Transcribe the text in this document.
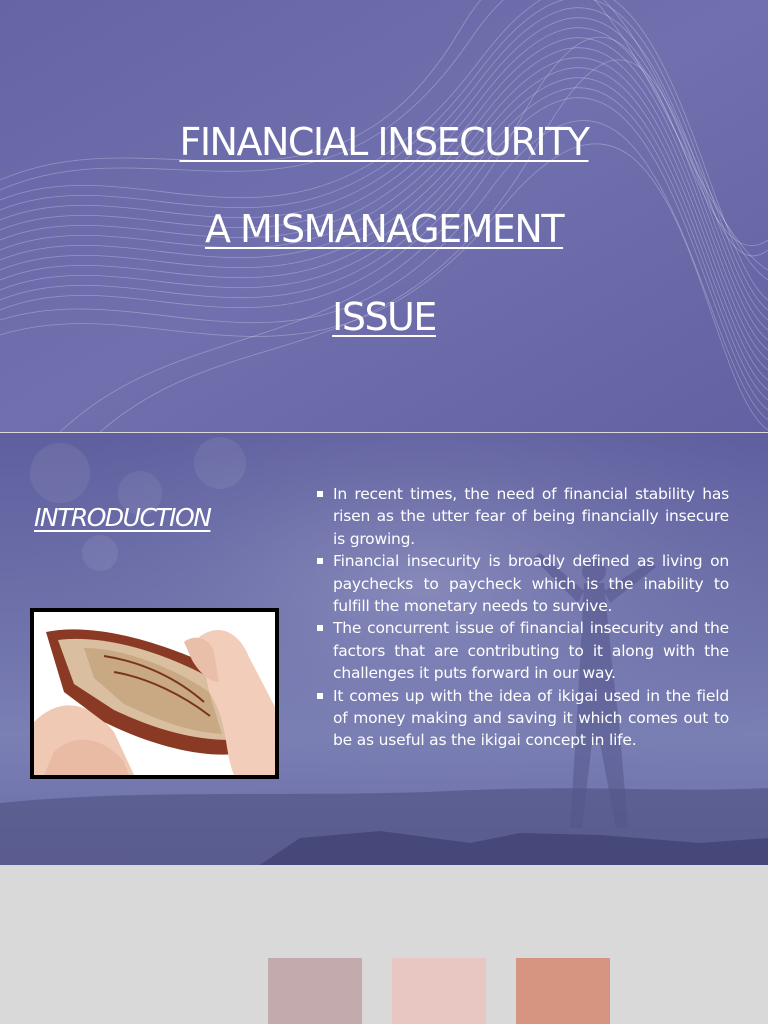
FINANCIAL INSECURITY
A MISMANAGEMENT
ISSUE
INTRODUCTION
In recent times, the need of financial stability has risen as the utter fear of being financially insecure is growing.
Financial insecurity is broadly defined as living on paychecks to paycheck which is the inability to fulfill the monetary needs to survive.
The concurrent issue of financial insecurity and the factors that are contributing to it along with the challenges it puts forward in our way.
It comes up with the idea of ikigai used in the field of money making and saving it which comes out to be as useful as the ikigai concept in life.
